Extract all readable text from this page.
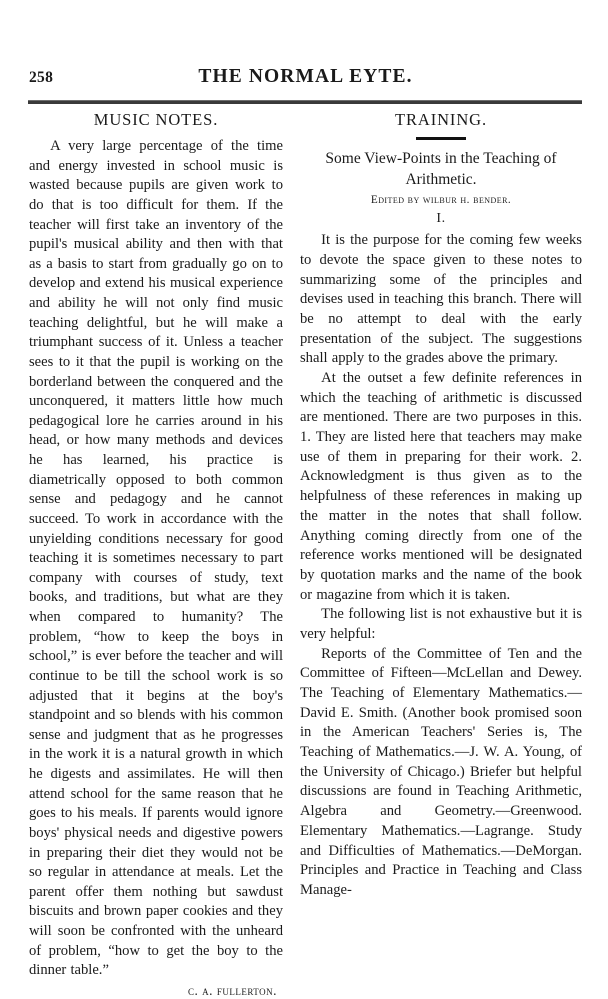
258	THE NORMAL EYTE.
MUSIC NOTES.

A very large percentage of the time and energy invested in school music is wasted because pupils are given work to do that is too difficult for them. If the teacher will first take an inventory of the pupil's musical ability and then with that as a basis to start from gradually go on to develop and extend his musical experience and ability he will not only find music teaching delightful, but he will make a triumphant success of it. Unless a teacher sees to it that the pupil is working on the borderland between the conquered and the unconquered, it matters little how much pedagogical lore he carries around in his head, or how many methods and devices he has learned, his practice is diametrically opposed to both common sense and pedagogy and he cannot succeed. To work in accordance with the unyielding conditions necessary for good teaching it is sometimes necessary to part company with courses of study, text books, and traditions, but what are they when compared to humanity? The problem, “how to keep the boys in school,” is ever before the teacher and will continue to be till the school work is so adjusted that it begins at the boy's standpoint and so blends with his common sense and judgment that as he progresses in the work it is a natural growth in which he digests and assimilates. He will then attend school for the same reason that he goes to his meals. If parents would ignore boys' physical needs and digestive powers in preparing their diet they would not be so regular in attendance at meals. Let the parent offer them nothing but sawdust biscuits and brown paper cookies and they will soon be confronted with the unheard of problem, “how to get the boy to the dinner table.”

c. a. fullerton.
TRAINING.
Some View-Points in the Teaching of Arithmetic.
Edited by wilbur h. bender.
I.

It is the purpose for the coming few weeks to devote the space given to these notes to summarizing some of the principles and devises used in teaching this branch. There will be no attempt to deal with the early presentation of the subject. The suggestions shall apply to the grades above the primary.

At the outset a few definite references in which the teaching of arithmetic is discussed are mentioned. There are two purposes in this. 1. They are listed here that teachers may make use of them in preparing for their work. 2. Acknowledgment is thus given as to the helpfulness of these references in making up the matter in the notes that shall follow. Anything coming directly from one of the reference works mentioned will be designated by quotation marks and the name of the book or magazine from which it is taken.

The following list is not exhaustive but it is very helpful:

Reports of the Committee of Ten and the Committee of Fifteen—McLellan and Dewey. The Teaching of Elementary Mathematics.—David E. Smith. (Another book promised soon in the American Teachers' Series is, The Teaching of Mathematics.—J. W. A. Young, of the University of Chicago.) Briefer but helpful discussions are found in Teaching Arithmetic, Algebra and Geometry.—Greenwood. Elementary Mathematics.—Lagrange. Study and Difficulties of Mathematics.—DeMorgan. Principles and Practice in Teaching and Class Manage-
